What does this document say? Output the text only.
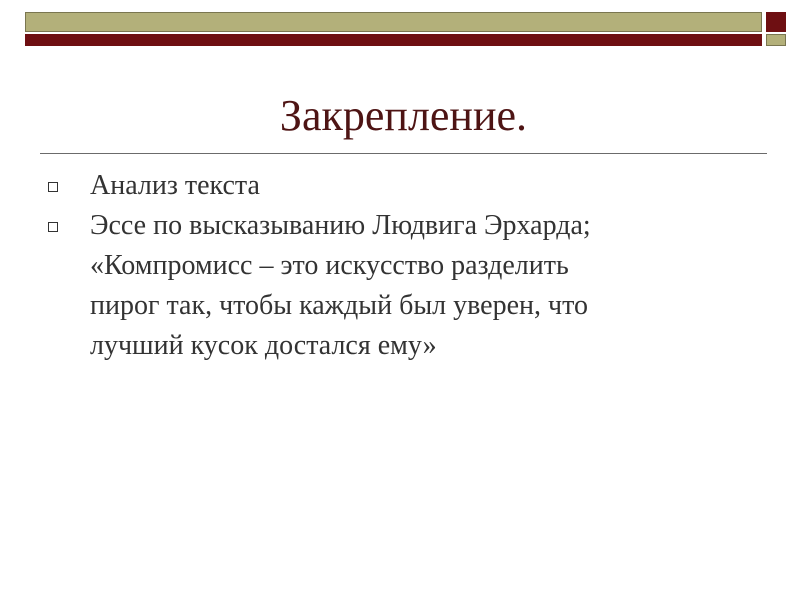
Закрепление.
Анализ текста
Эссе по высказыванию Людвига Эрхарда;
«Компромисс – это искусство разделить
пирог так, чтобы каждый был уверен, что
лучший кусок достался ему»
